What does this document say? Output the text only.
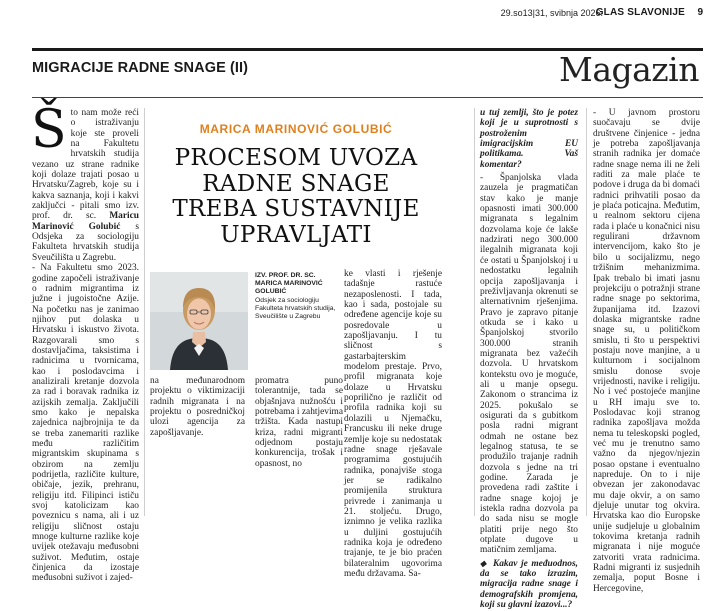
29.so13|31, svibnja 2026.
GLAS SLAVONIJE 9
MIGRACIJE RADNE SNAGE (II)	Magazin
Š to nam može reći o istraživanju koje ste proveli na Fakultetu hrvatskih studija vezano uz strane radnike koji dolaze trajati posao u Hrvatsku/Zagreb, koje su i kakva saznanja, koji i kakvi zaključci - pitali smo izv. prof. dr. sc. Maricu Marinović Golubić s Odsjeka za sociologiju Fakulteta hrvatskih studija Sveučilišta u Zagrebu.
- Na Fakultetu smo 2023. godine započeli istraživanje o radnim migrantima iz južne i jugoistočne Azije. Na početku nas je zanimao njihov put dolaska u Hrvatsku i iskustvo života. Razgovarali smo s dostavljačima, taksistima i radnicima u tvornicama, kao i poslodavcima i analizirali kretanje dozvola za rad i boravak radnika iz azijskih zemalja. Zaključili smo kako je nepalska zajednica najbrojnija te da se treba zanemariti razlike među različitim migrantskim skupinama s obzirom na zemlju podrijetla, različite kulture, običaje, jezik, prehranu, religiju itd. Filipinci ističu svoj katolicizam kao poveznicu s nama, ali i uz religiju sličnost ostaju mnoge kulturne razlike koje uvijek otežavaju međusobni suživot. Međutim, ostaje činjenica da izostaje međusobni suživot i zajed-
MARICA MARINOVIĆ GOLUBIĆ
PROCESOM UVOZA
RADNE SNAGE
TREBA SUSTAVNIJE
UPRAVLJATI
IZV. PROF. DR. SC. MARICA MARINOVIĆ GOLUBIĆ
Odsjek za sociologiju Fakulteta hrvatskih studija, Sveučilište u Zagrebu
na međunarodnom projektu o viktimizaciji radnih migranata i na projektu o posredničkoj ulozi agencija za zapošljavanje.
promatra puno tolerantnije, tada se objašnjava nužnošću i potrebama i zahtjevima tržišta. Kada nastupi kriza, radni migranti odjednom postaju konkurencija, trošak i opasnost, no
ke vlasti i rješenje tadašnje rastuće nezaposlenosti. I tada, kao i sada, postojale su određene agencije koje su posredovale u zapošljavanju. I tu sličnost s gastarbajterskim modelom prestaje. Prvo, profil migranata koje dolaze u Hrvatsku poprilično je različit od profila radnika koji su dolazili u Njemačku, Francusku ili neke druge zemlje koje su nedostatak radne snage rješavale programima gostujućih radnika, ponajviše stoga jer se radikalno promijenila struktura privrede i zanimanja u 21. stoljeću. Drugo, iznimno je velika razlika u duljini gostujućih radnika koja je određeno trajanje, te je bio praćen bilateralnim ugovorima među državama. Sa-
u tuj zemlji, što je potez koji je u suprotnosti s postroženim imigracijskim EU politikama. Vaš komentar?
- Španjolska vlada zauzela je pragmatičan stav kako je manje opasnosti imati 300.000 migranata s legalnim dozvolama koje će lakše nadzirati nego 300.000 ilegalnih migranata koji će ostati u Španjolskoj i u nedostatku legalnih opcija zapošljavanja i preživljavanja okrenuti se alternativnim rješenjima. Pravo je zapravo pitanje otkuda se i kako u Španjolskoj stvorilo 300.000 stranih migranata bez važećih dozvola. U hrvatskom kontekstu ovo je moguće, ali u manje opsegu. Zakonom o strancima iz 2025. pokušalo se osigurati da s gubitkom posla radni migrant odmah ne ostane bez legalnog statusa, te se produžilo trajanje radnih dozvola s jedne na tri godine. Zarada je provedena radi zaštite i radne snage kojoj je istekla radna dozvola pa do sada nisu se mogle platiti prije nego što otplate dugove u matičnim zemljama.
◆ Kakav je međuodnos, da se tako izrazim, migracija radne snage i demografskih promjena, koji su glavni izazovi...?
- U javnom prostoru suočavaju se dvije društvene činjenice - jedna je potreba zapošljavanja stranih radnika jer domaće radne snage nema ili ne želi raditi za male plaće te podove i druga da bi domaći radnici prihvatili posao da je plaća poticajna. Međutim, u realnom sektoru cijena rada i plaće u konačnici nisu regulirani državnom intervencijom, kako što je bilo u socijalizmu, nego tržišnim mehanizmima. Ipak trebalo bi imati jasnu projekciju o potražnji strane radne snage po sektorima, županijama itd. Izazovi dolaska migrantske radne snage su, u političkom smislu, ti što u perspektivi postaju nove manjine, a u kulturnom i socijalnom smislu donose svoje vrijednosti, navike i religiju. No i već postojeće manjine u RH imaju sve to. Poslodavac koji stranog radnika zapošljava možda nema tu teleskopski pogled, već mu je trenutno samo važno da njegov/njezin posao opstane i eventualno napreduje. On to i nije obvezan jer zakonodavac mu daje okvir, a on samo djeluje unutar tog okvira. Hrvatska kao dio Europske unije sudjeluje u globalnim tokovima kretanja radnih migranata i nije moguće zatvoriti vrata radnicima. Radni migranti iz susjednih zemalja, poput Bosne i Hercegovine,
